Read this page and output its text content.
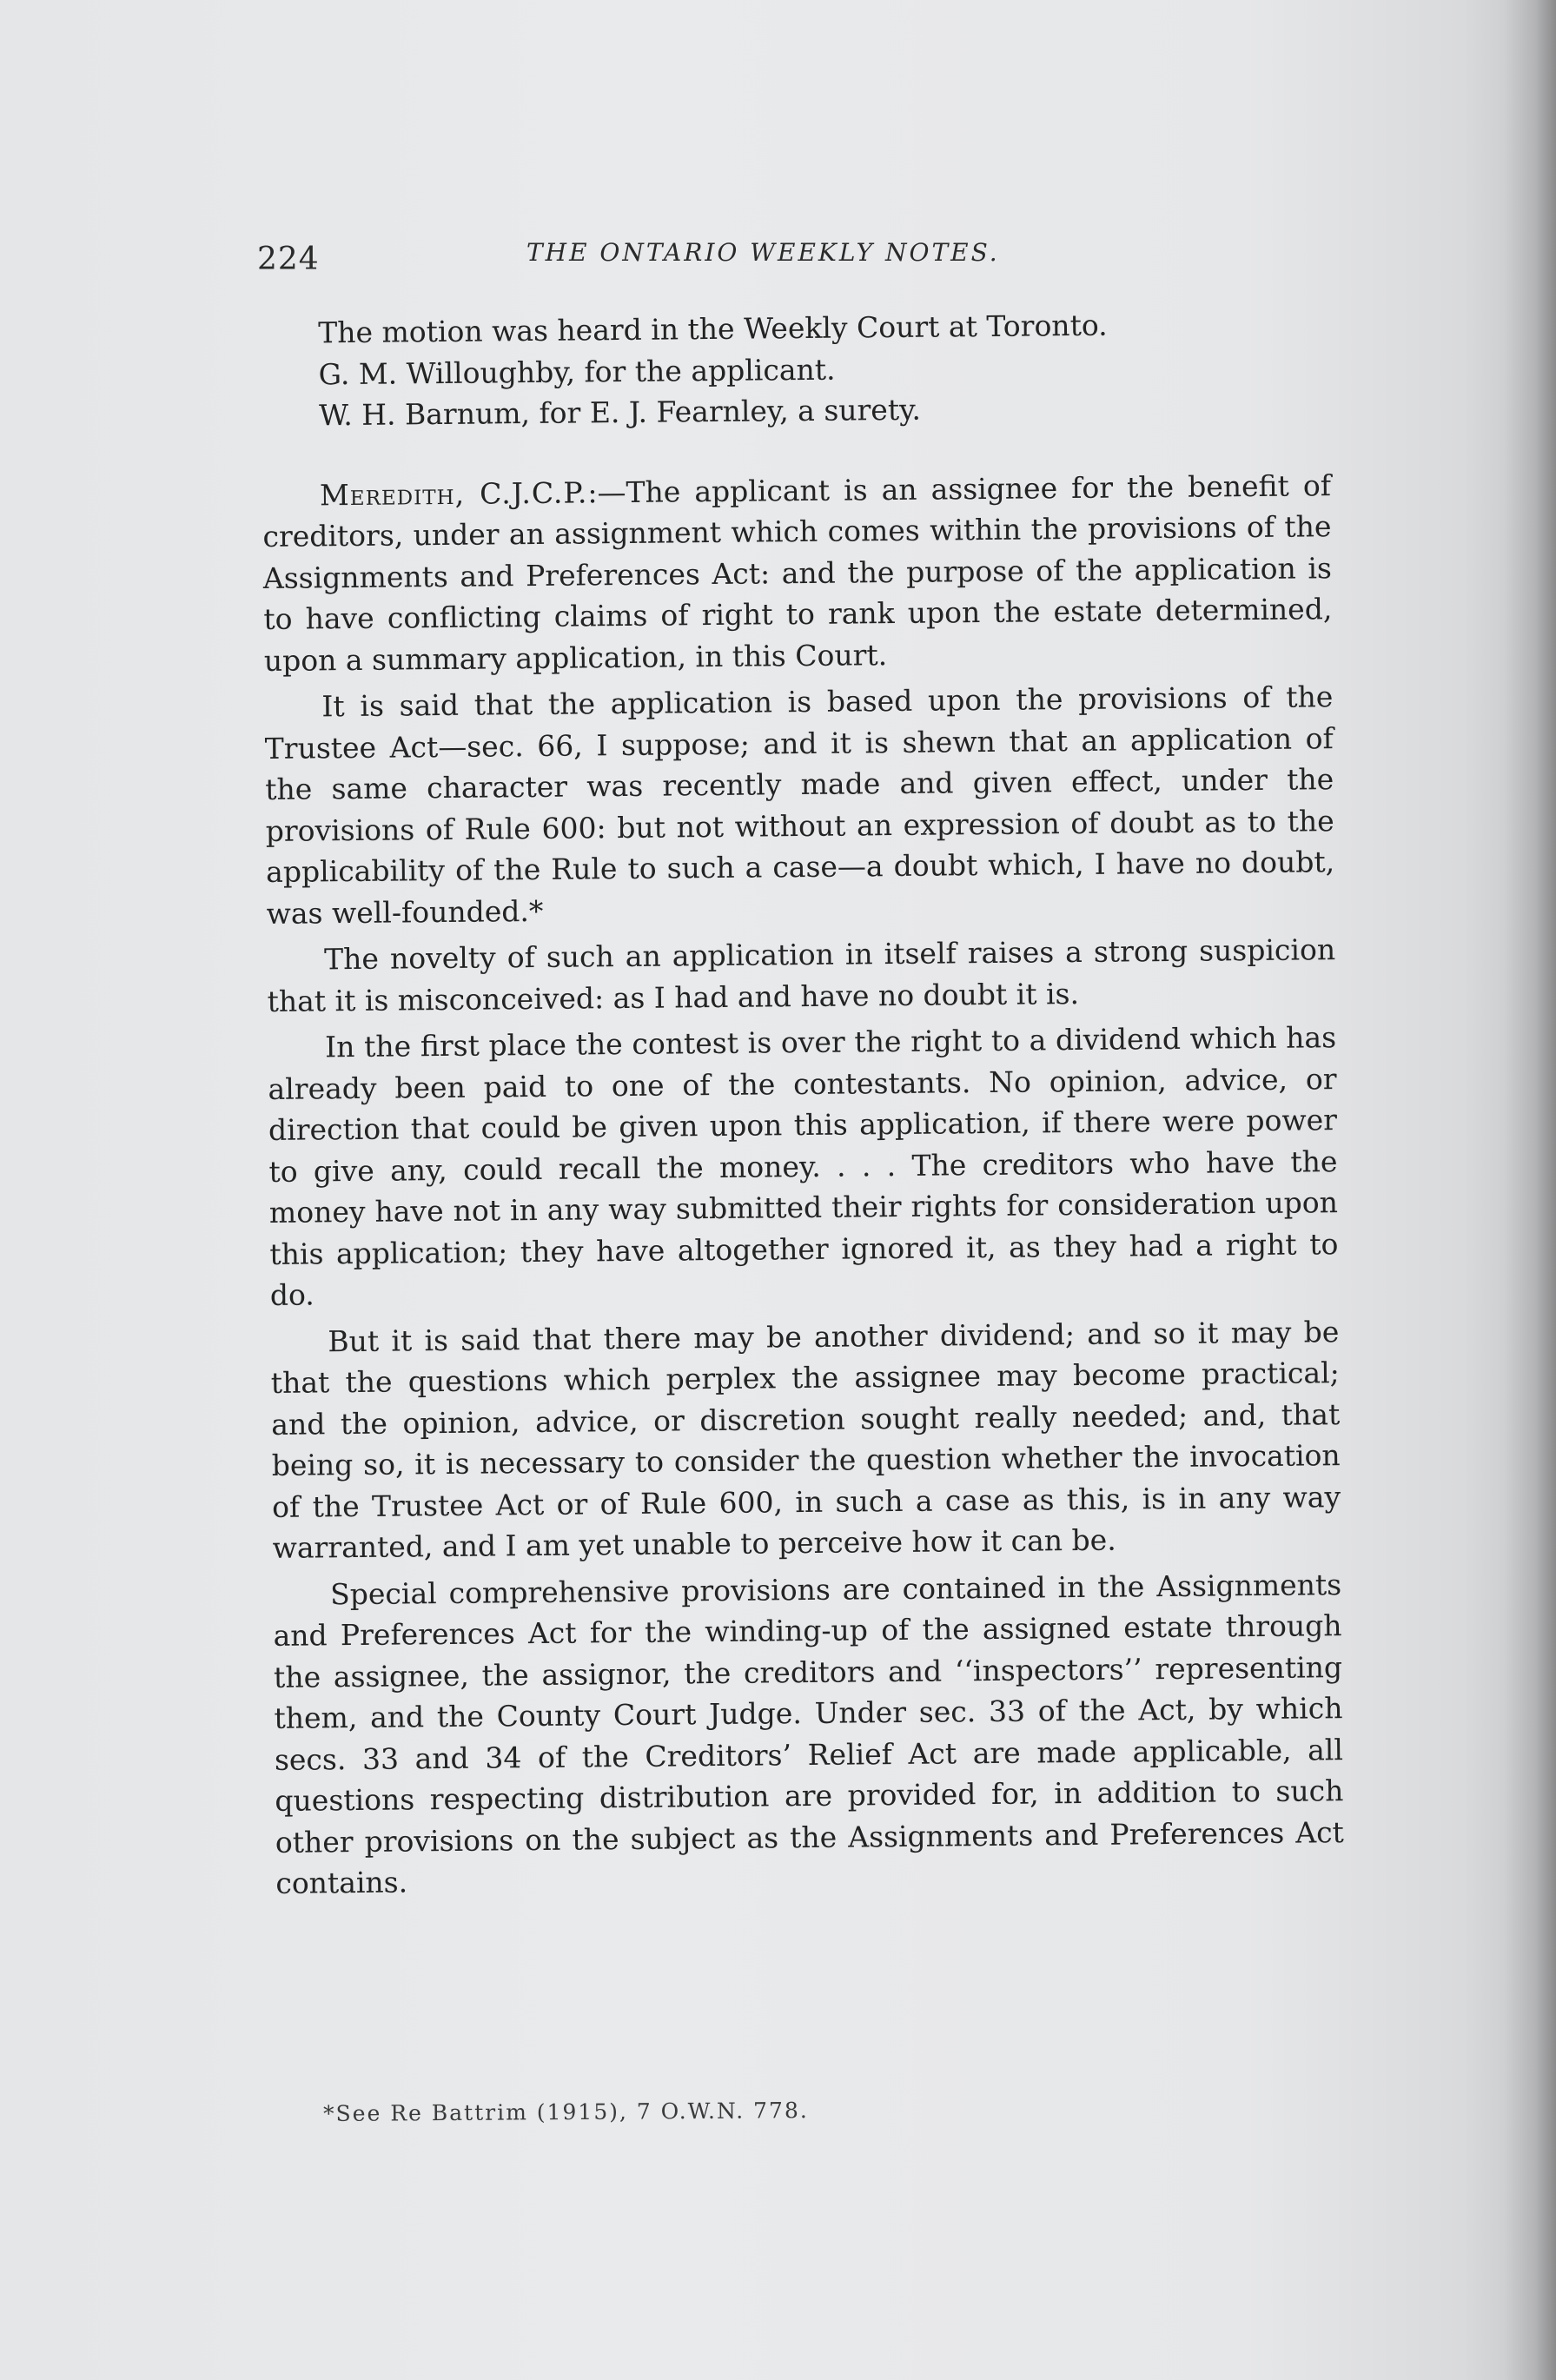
224	THE ONTARIO WEEKLY NOTES.

The motion was heard in the Weekly Court at Toronto.

G. M. Willoughby, for the applicant.

W. H. Barnum, for E. J. Fearnley, a surety.

Meredith, C.J.C.P.:—The applicant is an assignee for the benefit of creditors, under an assignment which comes within the provisions of the Assignments and Preferences Act: and the purpose of the application is to have conflicting claims of right to rank upon the estate determined, upon a summary application, in this Court.

It is said that the application is based upon the provisions of the Trustee Act—sec. 66, I suppose; and it is shewn that an application of the same character was recently made and given effect, under the provisions of Rule 600: but not without an expression of doubt as to the applicability of the Rule to such a case—a doubt which, I have no doubt, was well-founded.*

The novelty of such an application in itself raises a strong suspicion that it is misconceived: as I had and have no doubt it is.

In the first place the contest is over the right to a dividend which has already been paid to one of the contestants. No opinion, advice, or direction that could be given upon this application, if there were power to give any, could recall the money. . . . The creditors who have the money have not in any way submitted their rights for consideration upon this application; they have altogether ignored it, as they had a right to do.

But it is said that there may be another dividend; and so it may be that the questions which perplex the assignee may become practical; and the opinion, advice, or discretion sought really needed; and, that being so, it is necessary to consider the question whether the invocation of the Trustee Act or of Rule 600, in such a case as this, is in any way warranted, and I am yet unable to perceive how it can be.

Special comprehensive provisions are contained in the Assignments and Preferences Act for the winding-up of the assigned estate through the assignee, the assignor, the creditors and ‘‘inspectors’’ representing them, and the County Court Judge. Under sec. 33 of the Act, by which secs. 33 and 34 of the Creditors’ Relief Act are made applicable, all questions respecting distribution are provided for, in addition to such other provisions on the subject as the Assignments and Preferences Act contains.

*See Re Battrim (1915), 7 O.W.N. 778.
